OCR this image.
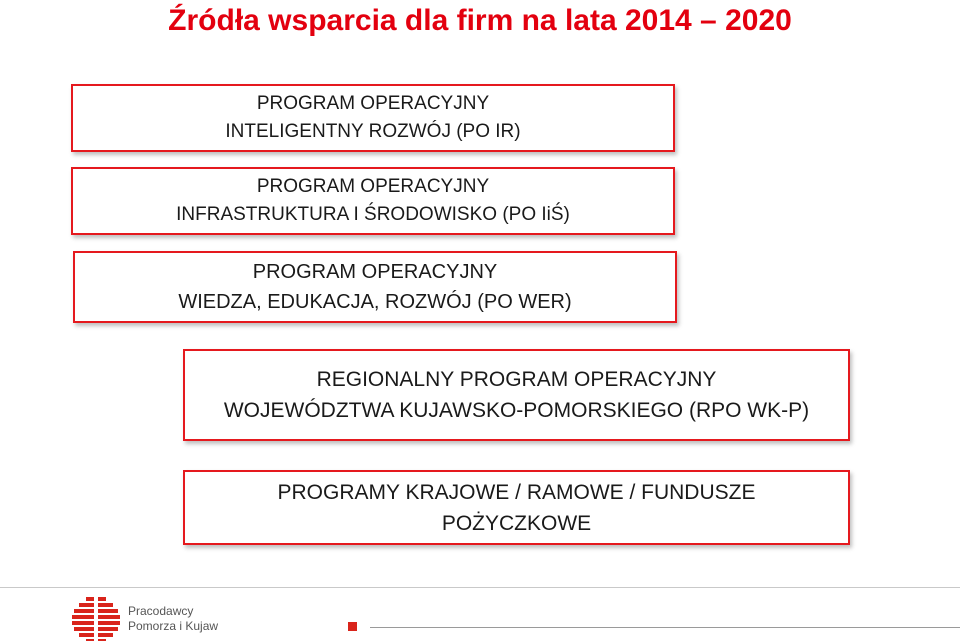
Źródła wsparcia dla firm na lata 2014 – 2020
PROGRAM OPERACYJNY
INTELIGENTNY ROZWÓJ (PO IR)
PROGRAM OPERACYJNY
INFRASTRUKTURA I ŚRODOWISKO (PO IiŚ)
PROGRAM OPERACYJNY
WIEDZA, EDUKACJA, ROZWÓJ (PO WER)
REGIONALNY PROGRAM OPERACYJNY
WOJEWÓDZTWA KUJAWSKO-POMORSKIEGO (RPO WK-P)
PROGRAMY KRAJOWE / RAMOWE / FUNDUSZE
POŻYCZKOWE
Pracodawcy
Pomorza i Kujaw
